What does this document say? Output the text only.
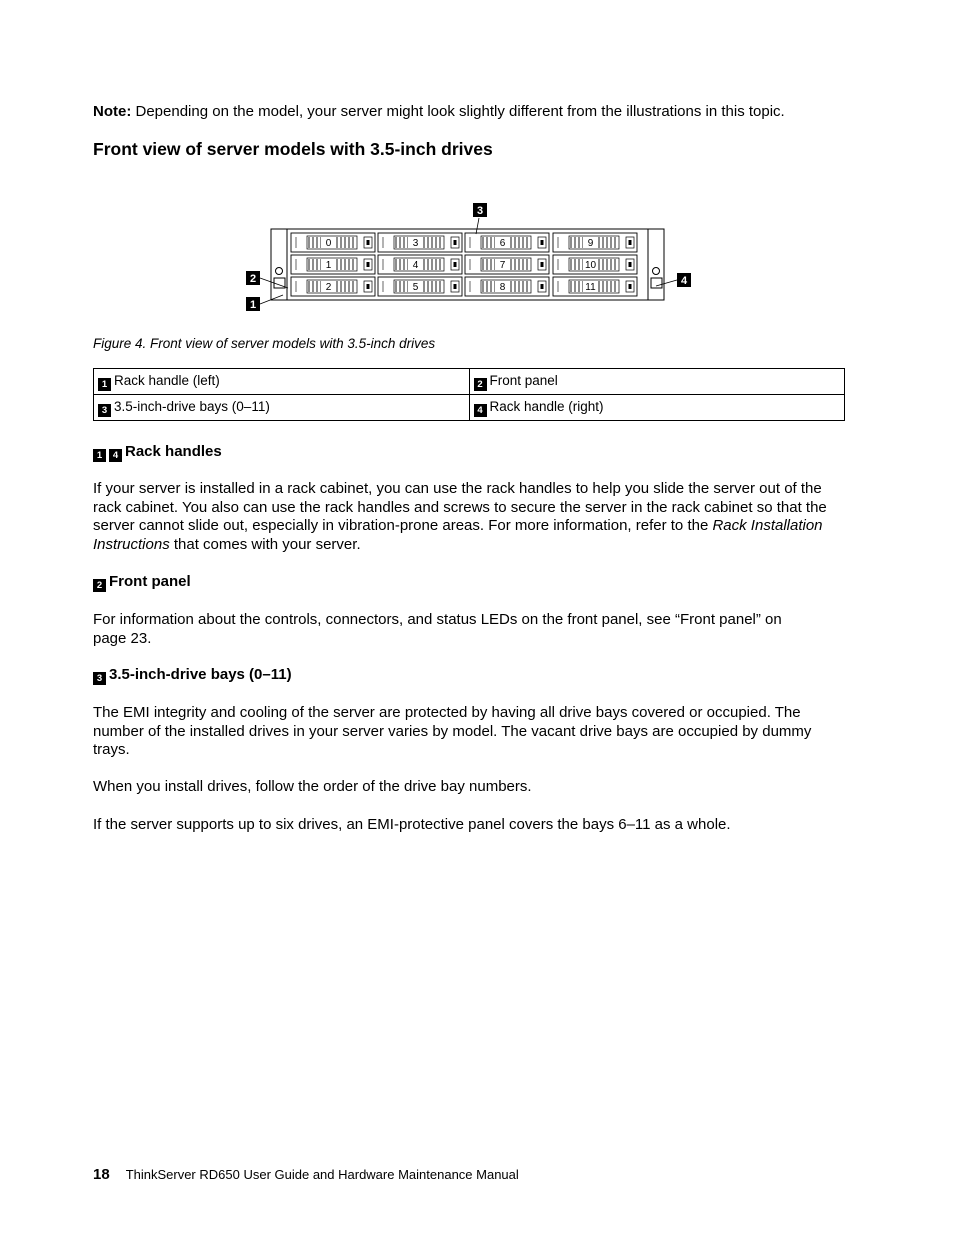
Note: Depending on the model, your server might look slightly different from the illustrations in this topic.
Front view of server models with 3.5-inch drives
0
1
2
3
4
5
6
7
8
9
10
11
3
2
1
4
Figure 4. Front view of server models with 3.5-inch drives
1 Rack handle (left)	2 Front panel
3 3.5-inch-drive bays (0–11)	4 Rack handle (right)
1 4 Rack handles
If your server is installed in a rack cabinet, you can use the rack handles to help you slide the server out of the rack cabinet. You also can use the rack handles and screws to secure the server in the rack cabinet so that the server cannot slide out, especially in vibration-prone areas. For more information, refer to the Rack Installation Instructions that comes with your server.
2 Front panel
For information about the controls, connectors, and status LEDs on the front panel, see “Front panel” on page 23.
3 3.5-inch-drive bays (0–11)
The EMI integrity and cooling of the server are protected by having all drive bays covered or occupied. The number of the installed drives in your server varies by model. The vacant drive bays are occupied by dummy trays.
When you install drives, follow the order of the drive bay numbers.
If the server supports up to six drives, an EMI-protective panel covers the bays 6–11 as a whole.
18 ThinkServer RD650 User Guide and Hardware Maintenance Manual
